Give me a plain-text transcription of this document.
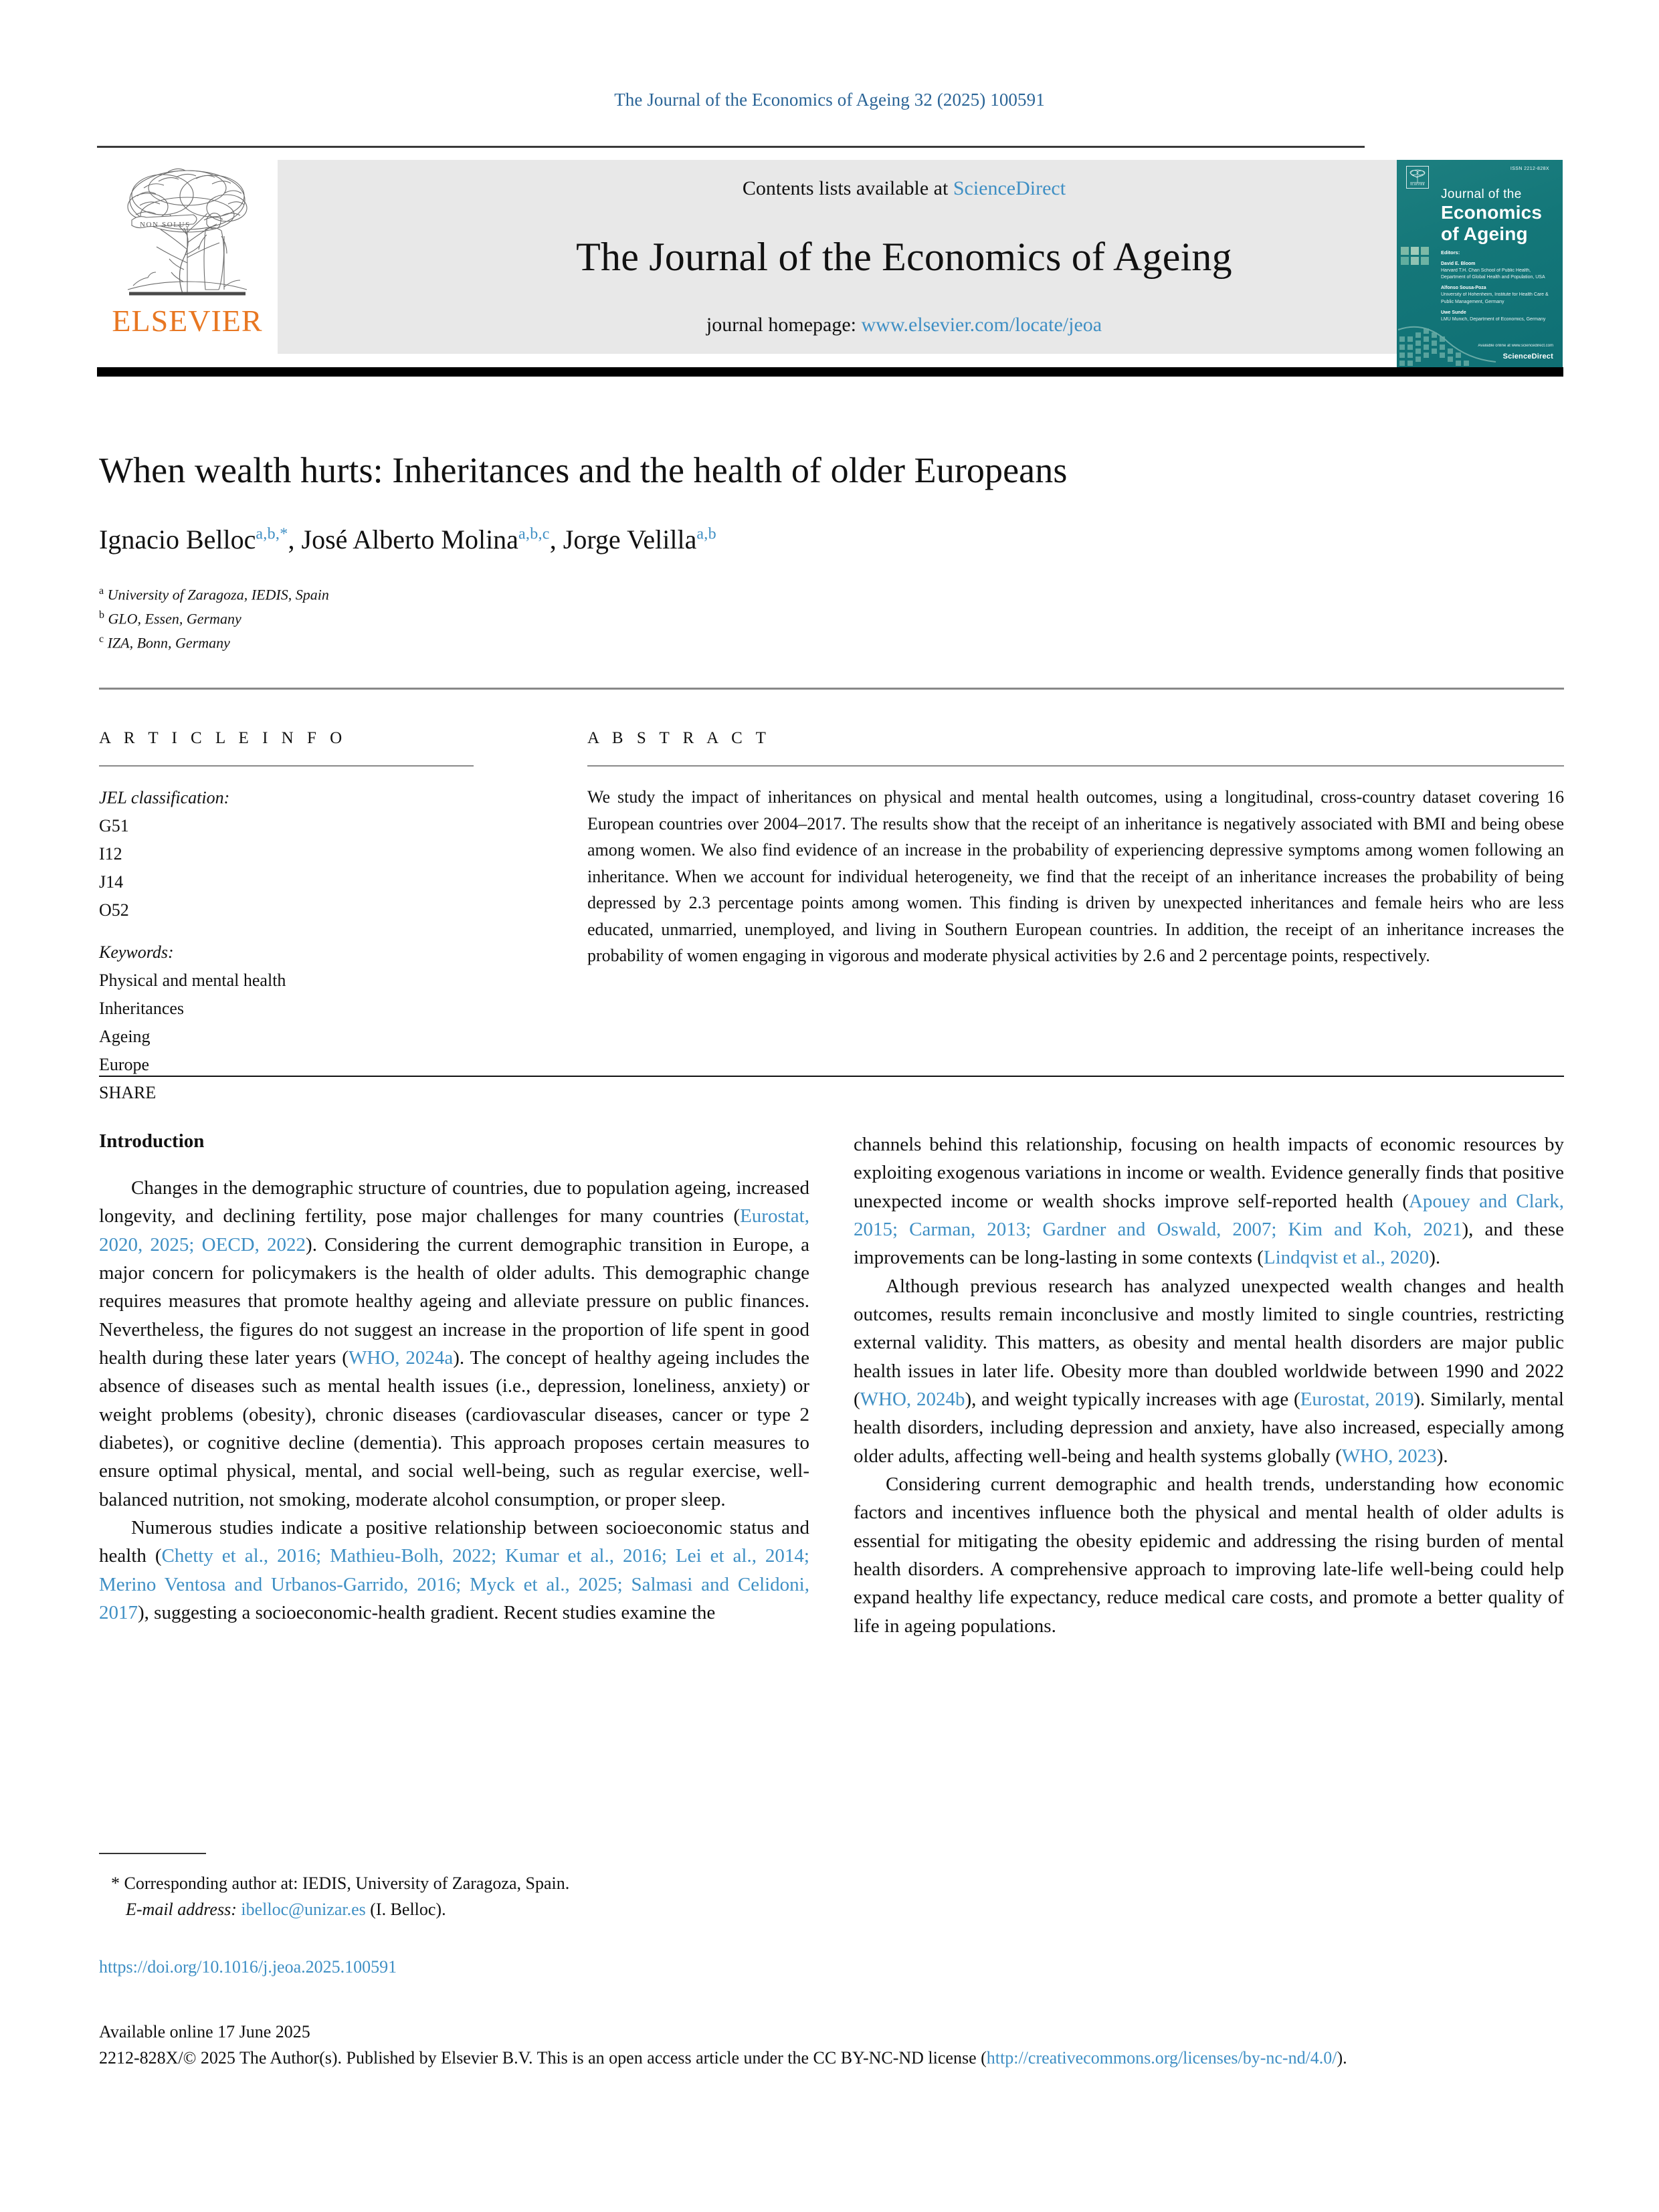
The Journal of the Economics of Ageing 32 (2025) 100591
NON SOLUS
ELSEVIER
Contents lists available at ScienceDirect
The Journal of the Economics of Ageing
journal homepage: www.elsevier.com/locate/jeoa
ELSEVIER
ISSN 2212-828X
Journal of the
Economics
of Ageing
Editors:
David E. Bloom
Harvard T.H. Chan School of Public Health, Department of Global Health and Population, USA
Alfonso Sousa-Poza
University of Hohenheim, Institute for Health Care & Public Management, Germany
Uwe Sunde
LMU Munich, Department of Economics, Germany
Available online at www.sciencedirect.com
ScienceDirect
When wealth hurts: Inheritances and the health of older Europeans
Ignacio Belloc$^{a,b,*}$, José Alberto Molina$^{a,b,c}$, Jorge Velilla$^{a,b}$
$^a$ University of Zaragoza, IEDIS, Spain
$^b$ GLO, Essen, Germany
$^c$ IZA, Bonn, Germany
A R T I C L E I N F O
JEL classification:
G51
I12
J14
O52
Keywords:
Physical and mental health
Inheritances
Ageing
Europe
SHARE
A B S T R A C T
We study the impact of inheritances on physical and mental health outcomes, using a longitudinal, cross-country dataset covering 16 European countries over 2004–2017. The results show that the receipt of an inheritance is negatively associated with BMI and being obese among women. We also find evidence of an increase in the probability of experiencing depressive symptoms among women following an inheritance. When we account for individual heterogeneity, we find that the receipt of an inheritance increases the probability of being depressed by 2.3 percentage points among women. This finding is driven by unexpected inheritances and female heirs who are less educated, unmarried, unemployed, and living in Southern European countries. In addition, the receipt of an inheritance increases the probability of women engaging in vigorous and moderate physical activities by 2.6 and 2 percentage points, respectively.
Introduction

Changes in the demographic structure of countries, due to population ageing, increased longevity, and declining fertility, pose major challenges for many countries (Eurostat, 2020, 2025; OECD, 2022). Considering the current demographic transition in Europe, a major concern for policymakers is the health of older adults. This demographic change requires measures that promote healthy ageing and alleviate pressure on public finances. Nevertheless, the figures do not suggest an increase in the proportion of life spent in good health during these later years (WHO, 2024a). The concept of healthy ageing includes the absence of diseases such as mental health issues (i.e., depression, loneliness, anxiety) or weight problems (obesity), chronic diseases (cardiovascular diseases, cancer or type 2 diabetes), or cognitive decline (dementia). This approach proposes certain measures to ensure optimal physical, mental, and social well-being, such as regular exercise, well-balanced nutrition, not smoking, moderate alcohol consumption, or proper sleep.

Numerous studies indicate a positive relationship between socioeconomic status and health (Chetty et al., 2016; Mathieu-Bolh, 2022; Kumar et al., 2016; Lei et al., 2014; Merino Ventosa and Urbanos-Garrido, 2016; Myck et al., 2025; Salmasi and Celidoni, 2017), suggesting a socioeconomic-health gradient. Recent studies examine the

channels behind this relationship, focusing on health impacts of economic resources by exploiting exogenous variations in income or wealth. Evidence generally finds that positive unexpected income or wealth shocks improve self-reported health (Apouey and Clark, 2015; Carman, 2013; Gardner and Oswald, 2007; Kim and Koh, 2021), and these improvements can be long-lasting in some contexts (Lindqvist et al., 2020).

Although previous research has analyzed unexpected wealth changes and health outcomes, results remain inconclusive and mostly limited to single countries, restricting external validity. This matters, as obesity and mental health disorders are major public health issues in later life. Obesity more than doubled worldwide between 1990 and 2022 (WHO, 2024b), and weight typically increases with age (Eurostat, 2019). Similarly, mental health disorders, including depression and anxiety, have also increased, especially among older adults, affecting well-being and health systems globally (WHO, 2023).

Considering current demographic and health trends, understanding how economic factors and incentives influence both the physical and mental health of older adults is essential for mitigating the obesity epidemic and addressing the rising burden of mental health disorders. A comprehensive approach to improving late-life well-being could help expand healthy life expectancy, reduce medical care costs, and promote a better quality of life in ageing populations.

* Corresponding author at: IEDIS, University of Zaragoza, Spain.
E-mail address: ibelloc@unizar.es (I. Belloc).
https://doi.org/10.1016/j.jeoa.2025.100591
Available online 17 June 2025
2212-828X/© 2025 The Author(s). Published by Elsevier B.V. This is an open access article under the CC BY-NC-ND license (http://creativecommons.org/licenses/by-nc-nd/4.0/).
